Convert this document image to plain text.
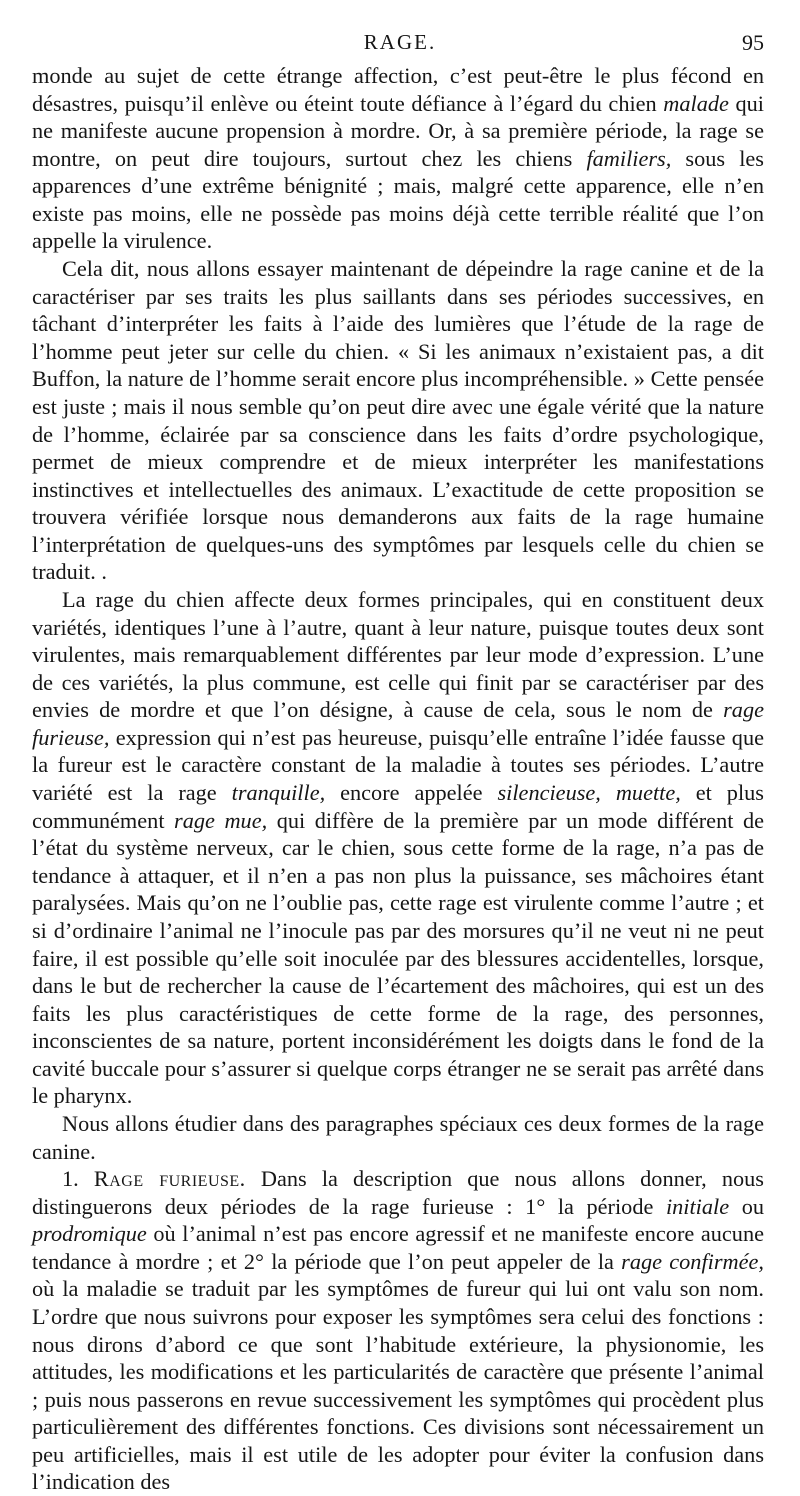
RAGE.	95

monde au sujet de cette étrange affection, c’est peut-être le plus fécond en désastres, puisqu’il enlève ou éteint toute défiance à l’égard du chien malade qui ne manifeste aucune propension à mordre. Or, à sa première période, la rage se montre, on peut dire toujours, surtout chez les chiens familiers, sous les apparences d’une extrême bénignité ; mais, malgré cette apparence, elle n’en existe pas moins, elle ne possède pas moins déjà cette terrible réalité que l’on appelle la virulence.

Cela dit, nous allons essayer maintenant de dépeindre la rage canine et de la caractériser par ses traits les plus saillants dans ses périodes successives, en tâchant d’interpréter les faits à l’aide des lumières que l’étude de la rage de l’homme peut jeter sur celle du chien. « Si les animaux n’existaient pas, a dit Buffon, la nature de l’homme serait encore plus incompréhensible. » Cette pensée est juste ; mais il nous semble qu’on peut dire avec une égale vérité que la nature de l’homme, éclairée par sa conscience dans les faits d’ordre psychologique, permet de mieux comprendre et de mieux interpréter les manifestations instinctives et intellectuelles des animaux. L’exactitude de cette proposition se trouvera vérifiée lorsque nous demanderons aux faits de la rage humaine l’interprétation de quelques-uns des symptômes par lesquels celle du chien se traduit. .

La rage du chien affecte deux formes principales, qui en constituent deux variétés, identiques l’une à l’autre, quant à leur nature, puisque toutes deux sont virulentes, mais remarquablement différentes par leur mode d’expression. L’une de ces variétés, la plus commune, est celle qui finit par se caractériser par des envies de mordre et que l’on désigne, à cause de cela, sous le nom de rage furieuse, expression qui n’est pas heureuse, puisqu’elle entraîne l’idée fausse que la fureur est le caractère constant de la maladie à toutes ses périodes. L’autre variété est la rage tranquille, encore appelée silencieuse, muette, et plus communément rage mue, qui diffère de la première par un mode différent de l’état du système nerveux, car le chien, sous cette forme de la rage, n’a pas de tendance à attaquer, et il n’en a pas non plus la puissance, ses mâchoires étant paralysées. Mais qu’on ne l’oublie pas, cette rage est virulente comme l’autre ; et si d’ordinaire l’animal ne l’inocule pas par des morsures qu’il ne veut ni ne peut faire, il est possible qu’elle soit inoculée par des blessures accidentelles, lorsque, dans le but de rechercher la cause de l’écartement des mâchoires, qui est un des faits les plus caractéristiques de cette forme de la rage, des personnes, inconscientes de sa nature, portent inconsidérément les doigts dans le fond de la cavité buccale pour s’assurer si quelque corps étranger ne se serait pas arrêté dans le pharynx.

Nous allons étudier dans des paragraphes spéciaux ces deux formes de la rage canine.

1. Rage furieuse. Dans la description que nous allons donner, nous distinguerons deux périodes de la rage furieuse : 1° la période initiale ou prodromique où l’animal n’est pas encore agressif et ne manifeste encore aucune tendance à mordre ; et 2° la période que l’on peut appeler de la rage confirmée, où la maladie se traduit par les symptômes de fureur qui lui ont valu son nom. L’ordre que nous suivrons pour exposer les symptômes sera celui des fonctions : nous dirons d’abord ce que sont l’habitude extérieure, la physionomie, les attitudes, les modifications et les particularités de caractère que présente l’animal ; puis nous passerons en revue successivement les symptômes qui procèdent plus particulièrement des différentes fonctions. Ces divisions sont nécessairement un peu artificielles, mais il est utile de les adopter pour éviter la confusion dans l’indication des
